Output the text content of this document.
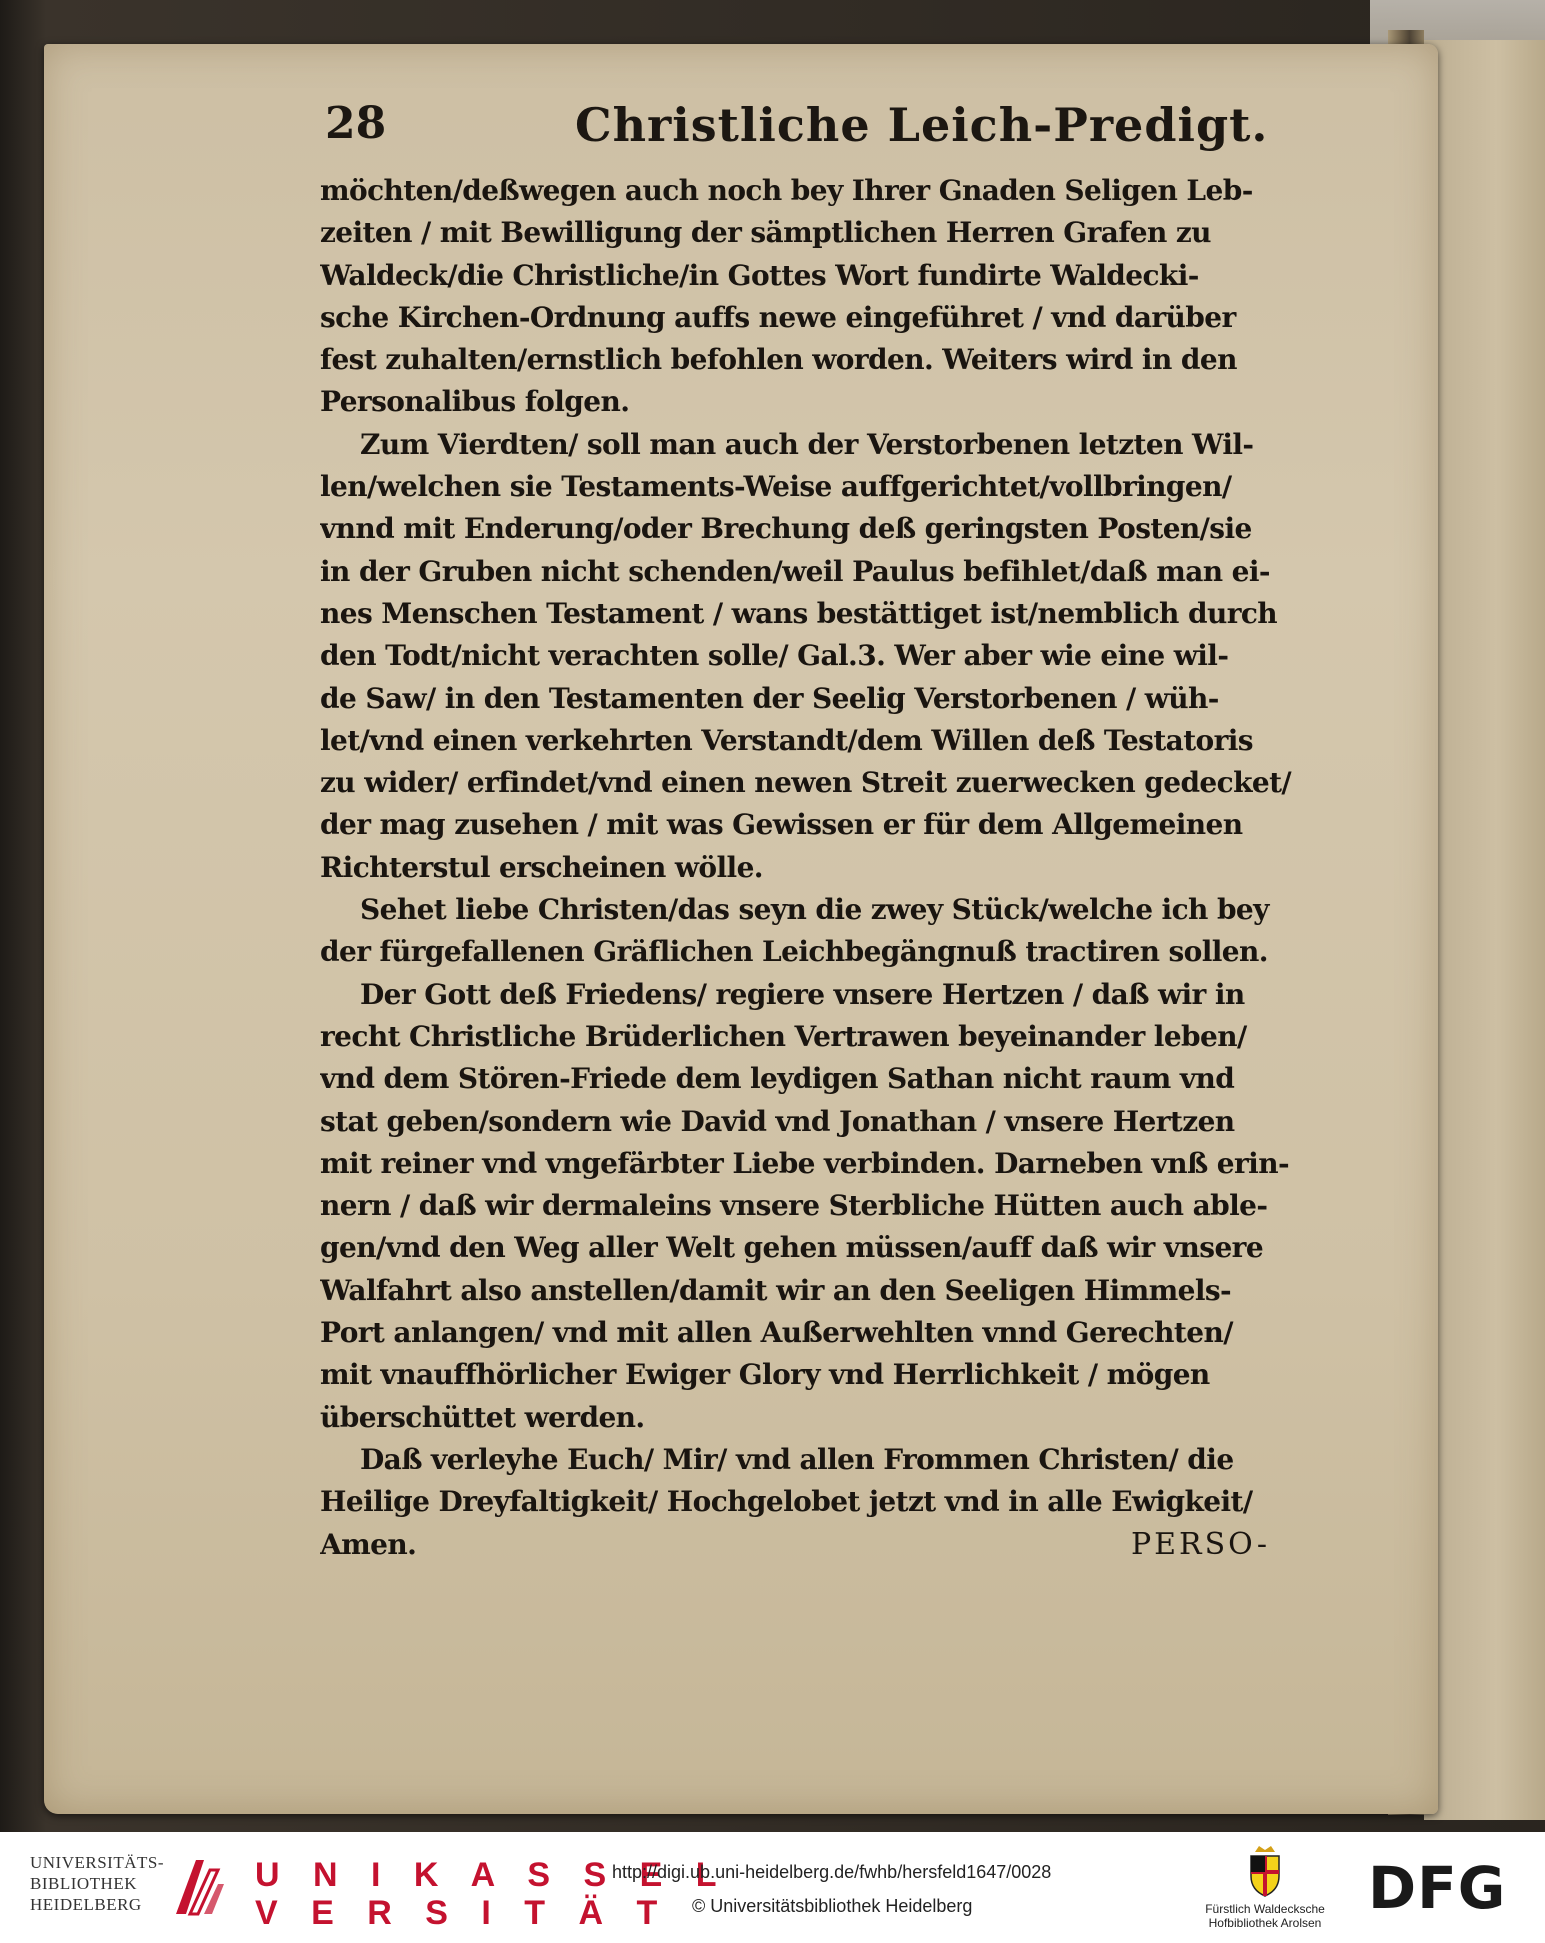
28	Christliche Leich-Predigt.
möchten/deßwegen auch noch bey Ihrer Gnaden Seligen Leb-
zeiten / mit Bewilligung der sämptlichen Herren Grafen zu
Waldeck/die Christliche/in Gottes Wort fundirte Waldecki-
sche Kirchen-Ordnung auffs newe eingeführet / vnd darüber
fest zuhalten/ernstlich befohlen worden. Weiters wird in den
Personalibus folgen.
Zum Vierdten/ soll man auch der Verstorbenen letzten Wil-
len/welchen sie Testaments-Weise auffgerichtet/vollbringen/
vnnd mit Enderung/oder Brechung deß geringsten Posten/sie
in der Gruben nicht schenden/weil Paulus befihlet/daß man ei-
nes Menschen Testament / wans bestättiget ist/nemblich durch
den Todt/nicht verachten solle/ Gal.3. Wer aber wie eine wil-
de Saw/ in den Testamenten der Seelig Verstorbenen / wüh-
let/vnd einen verkehrten Verstandt/dem Willen deß Testatoris
zu wider/ erfindet/vnd einen newen Streit zuerwecken gedecket/
der mag zusehen / mit was Gewissen er für dem Allgemeinen
Richterstul erscheinen wölle.
Sehet liebe Christen/das seyn die zwey Stück/welche ich bey
der fürgefallenen Gräflichen Leichbegängnuß tractiren sollen.
Der Gott deß Friedens/ regiere vnsere Hertzen / daß wir in
recht Christliche Brüderlichen Vertrawen beyeinander leben/
vnd dem Stören-Friede dem leydigen Sathan nicht raum vnd
stat geben/sondern wie David vnd Jonathan / vnsere Hertzen
mit reiner vnd vngefärbter Liebe verbinden. Darneben vnß erin-
nern / daß wir dermaleins vnsere Sterbliche Hütten auch able-
gen/vnd den Weg aller Welt gehen müssen/auff daß wir vnsere
Walfahrt also anstellen/damit wir an den Seeligen Himmels-
Port anlangen/ vnd mit allen Außerwehlten vnnd Gerechten/
mit vnauffhörlicher Ewiger Glory vnd Herrlichkeit / mögen
überschüttet werden.
Daß verleyhe Euch/ Mir/ vnd allen Frommen Christen/ die
Heilige Dreyfaltigkeit/ Hochgelobet jetzt vnd in alle Ewigkeit/
Amen.	PERSO-
UNIVERSITÄTS-
BIBLIOTHEK
HEIDELBERG
U N I K A S S E L
V E R S I T Ä T
http://digi.ub.uni-heidelberg.de/fwhb/hersfeld1647/0028
© Universitätsbibliothek Heidelberg	Fürstlich Waldecksche
Hofbibliothek Arolsen
DFG
